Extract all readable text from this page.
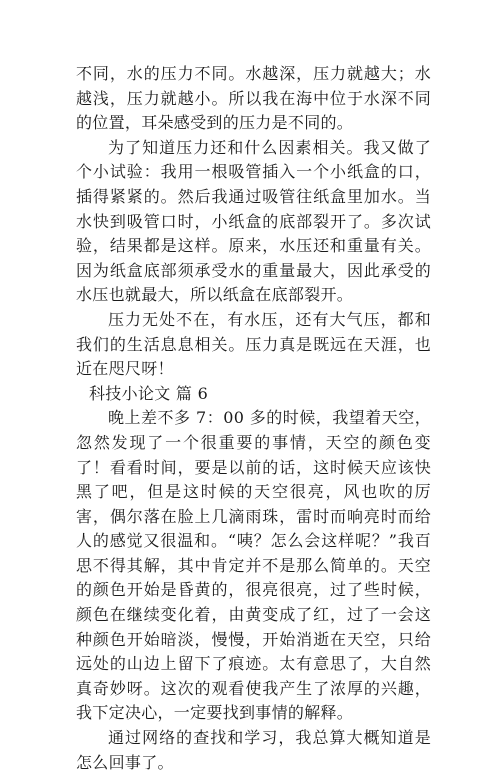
不同，水的压力不同。水越深，压力就越大；水越浅，压力就越小。所以我在海中位于水深不同的位置，耳朵感受到的压力是不同的。

为了知道压力还和什么因素相关。我又做了个小试验：我用一根吸管插入一个小纸盒的口，插得紧紧的。然后我通过吸管往纸盒里加水。当水快到吸管口时，小纸盒的底部裂开了。多次试验，结果都是这样。原来，水压还和重量有关。因为纸盒底部须承受水的重量最大，因此承受的水压也就最大，所以纸盒在底部裂开。

压力无处不在，有水压，还有大气压，都和我们的生活息息相关。压力真是既远在天涯，也近在咫尺呀！

科技小论文 篇 6

晚上差不多 7：00 多的时候，我望着天空，忽然发现了一个很重要的事情，天空的颜色变了！看看时间，要是以前的话，这时候天应该快黑了吧，但是这时候的天空很亮，风也吹的厉害，偶尔落在脸上几滴雨珠，雷时而响亮时而给人的感觉又很温和。“咦？怎么会这样呢？”我百思不得其解，其中肯定并不是那么简单的。天空的颜色开始是昏黄的，很亮很亮，过了些时候，颜色在继续变化着，由黄变成了红，过了一会这种颜色开始暗淡，慢慢，开始消逝在天空，只给远处的山边上留下了痕迹。太有意思了，大自然真奇妙呀。这次的观看使我产生了浓厚的兴趣，我下定决心，一定要找到事情的解释。

通过网络的查找和学习，我总算大概知道是怎么回事了。
